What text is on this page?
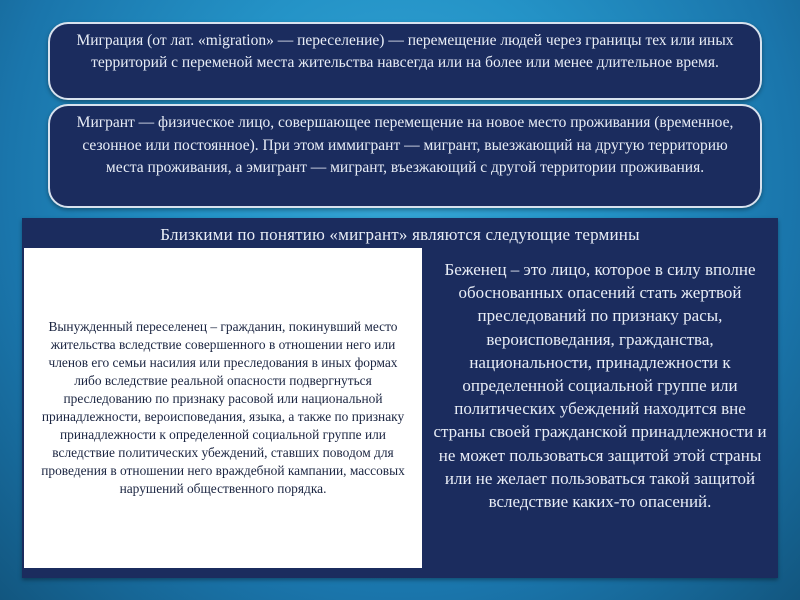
Миграция (от лат. «migration» — переселение) — перемещение людей через границы тех или иных территорий с переменой места жительства навсегда или на более или менее длительное время.
Мигрант — физическое лицо, совершающее перемещение на новое место проживания (временное, сезонное или постоянное). При этом иммигрант — мигрант, выезжающий на другую территорию места проживания, а эмигрант — мигрант, въезжающий с другой территории проживания.
Близкими по понятию «мигрант» являются следующие термины
Вынужденный переселенец – гражданин, покинувший место жительства вследствие совершенного в отношении него или членов его семьи насилия или преследования в иных формах либо вследствие реальной опасности подвергнуться преследованию по признаку расовой или национальной принадлежности, вероисповедания, языка, а также по признаку принадлежности к определенной социальной группе или вследствие политических убеждений, ставших поводом для проведения в отношении него враждебной кампании, массовых нарушений общественного порядка.
Беженец – это лицо, которое в силу вполне обоснованных опасений стать жертвой преследований по признаку расы, вероисповедания, гражданства, национальности, принадлежности к определенной социальной группе или политических убеждений находится вне страны своей гражданской принадлежности и не может пользоваться защитой этой страны или не желает пользоваться такой защитой вследствие каких-то опасений.
